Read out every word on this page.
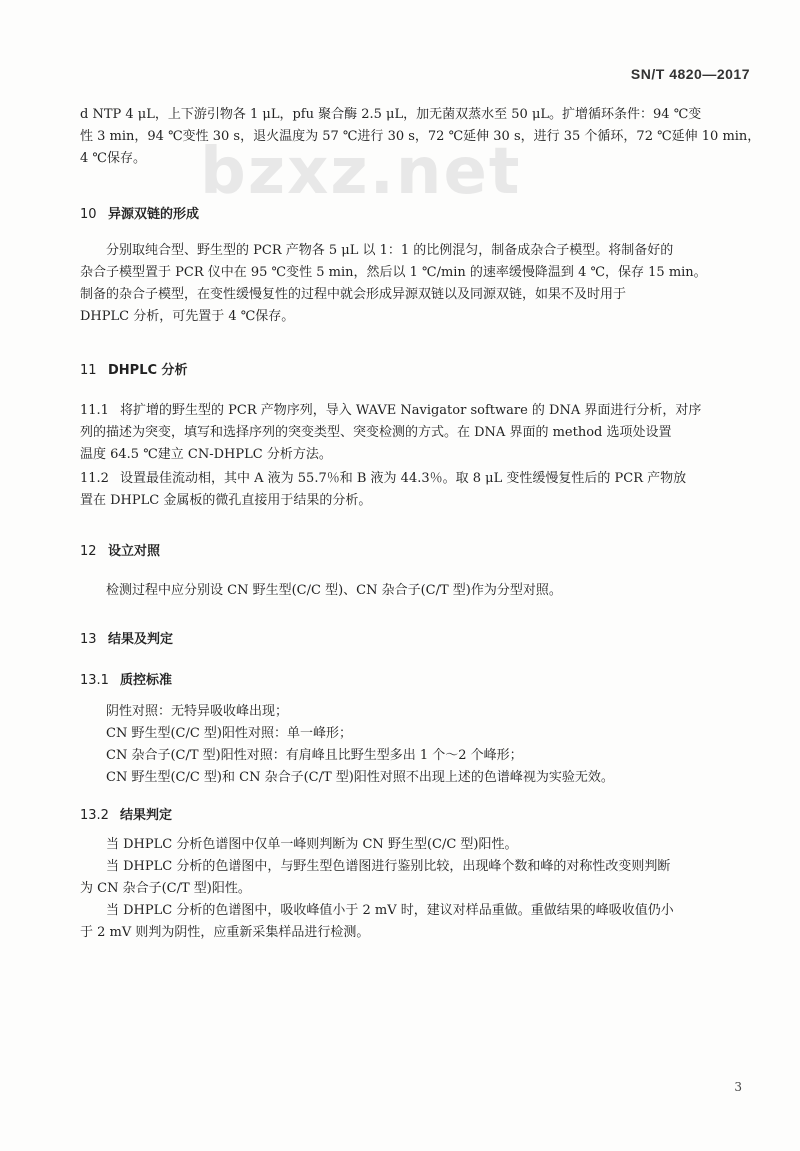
SN/T 4820—2017
bzxz.net

d NTP 4 μL，上下游引物各 1 μL，pfu 聚合酶 2.5 μL，加无菌双蒸水至 50 μL。扩增循环条件：94 ℃变

性 3 min，94 ℃变性 30 s，退火温度为 57 ℃进行 30 s，72 ℃延伸 30 s，进行 35 个循环，72 ℃延伸 10 min，

4 ℃保存。

10 异源双链的形成

分别取纯合型、野生型的 PCR 产物各 5 μL 以 1：1 的比例混匀，制备成杂合子模型。将制备好的

杂合子模型置于 PCR 仪中在 95 ℃变性 5 min，然后以 1 ℃/min 的速率缓慢降温到 4 ℃，保存 15 min。

制备的杂合子模型，在变性缓慢复性的过程中就会形成异源双链以及同源双链，如果不及时用于

DHPLC 分析，可先置于 4 ℃保存。

11 DHPLC 分析

11.1 将扩增的野生型的 PCR 产物序列，导入 WAVE Navigator software 的 DNA 界面进行分析，对序

列的描述为突变，填写和选择序列的突变类型、突变检测的方式。在 DNA 界面的 method 选项处设置

温度 64.5 ℃建立 CN-DHPLC 分析方法。

11.2 设置最佳流动相，其中 A 液为 55.7％和 B 液为 44.3％。取 8 μL 变性缓慢复性后的 PCR 产物放

置在 DHPLC 金属板的微孔直接用于结果的分析。

12 设立对照

检测过程中应分别设 CN 野生型(C/C 型)、CN 杂合子(C/T 型)作为分型对照。

13 结果及判定

13.1 质控标准

阴性对照：无特异吸收峰出现；

CN 野生型(C/C 型)阳性对照：单一峰形；

CN 杂合子(C/T 型)阳性对照：有肩峰且比野生型多出 1 个～2 个峰形；

CN 野生型(C/C 型)和 CN 杂合子(C/T 型)阳性对照不出现上述的色谱峰视为实验无效。

13.2 结果判定

当 DHPLC 分析色谱图中仅单一峰则判断为 CN 野生型(C/C 型)阳性。

当 DHPLC 分析的色谱图中，与野生型色谱图进行鉴别比较，出现峰个数和峰的对称性改变则判断

为 CN 杂合子(C/T 型)阳性。

当 DHPLC 分析的色谱图中，吸收峰值小于 2 mV 时，建议对样品重做。重做结果的峰吸收值仍小

于 2 mV 则判为阴性，应重新采集样品进行检测。

3
